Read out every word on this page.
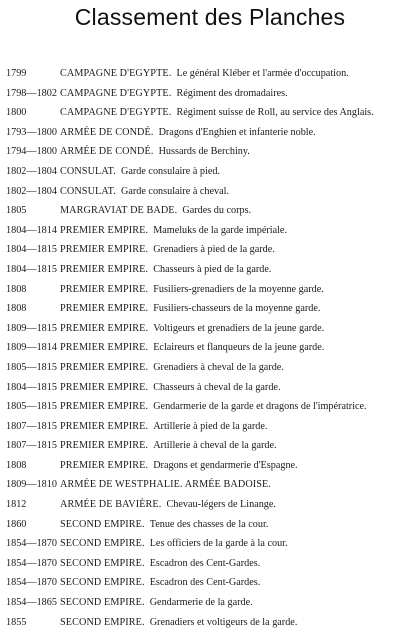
Classement des Planches
1799	CAMPAGNE D'EGYPTE. Le général Kléber et l'armée d'occupation.
1798—1802 CAMPAGNE D'EGYPTE. Régiment des dromadaires.
1800	CAMPAGNE D'EGYPTE. Régiment suisse de Roll, au service des Anglais.
1793—1800 ARMÉE DE CONDÉ. Dragons d'Enghien et infanterie noble.
1794—1800 ARMÉE DE CONDÉ. Hussards de Berchiny.
1802—1804 CONSULAT. Garde consulaire à pied.
1802—1804 CONSULAT. Garde consulaire à cheval.
1805	MARGRAVIAT DE BADE. Gardes du corps.
1804—1814 PREMIER EMPIRE. Mameluks de la garde impériale.
1804—1815 PREMIER EMPIRE. Grenadiers à pied de la garde.
1804—1815 PREMIER EMPIRE. Chasseurs à pied de la garde.
1808	PREMIER EMPIRE. Fusiliers-grenadiers de la moyenne garde.
1808	PREMIER EMPIRE. Fusiliers-chasseurs de la moyenne garde.
1809—1815 PREMIER EMPIRE. Voltigeurs et grenadiers de la jeune garde.
1809—1814 PREMIER EMPIRE. Eclaireurs et flanqueurs de la jeune garde.
1805—1815 PREMIER EMPIRE. Grenadiers à cheval de la garde.
1804—1815 PREMIER EMPIRE. Chasseurs à cheval de la garde.
1805—1815 PREMIER EMPIRE. Gendarmerie de la garde et dragons de l'impératrice.
1807—1815 PREMIER EMPIRE. Artillerie à pied de la garde.
1807—1815 PREMIER EMPIRE. Artillerie à cheval de la garde.
1808	PREMIER EMPIRE. Dragons et gendarmerie d'Espagne.
1809—1810 ARMÉE DE WESTPHALIE. ARMÉE BADOISE.
1812	ARMÉE DE BAVIÈRE. Chevau-légers de Linange.
1860	SECOND EMPIRE. Tenue des chasses de la cour.
1854—1870 SECOND EMPIRE. Les officiers de la garde à la cour.
1854—1870 SECOND EMPIRE. Escadron des Cent-Gardes.
1854—1870 SECOND EMPIRE. Escadron des Cent-Gardes.
1854—1865 SECOND EMPIRE. Gendarmerie de la garde.
1855	SECOND EMPIRE. Grenadiers et voltigeurs de la garde.
